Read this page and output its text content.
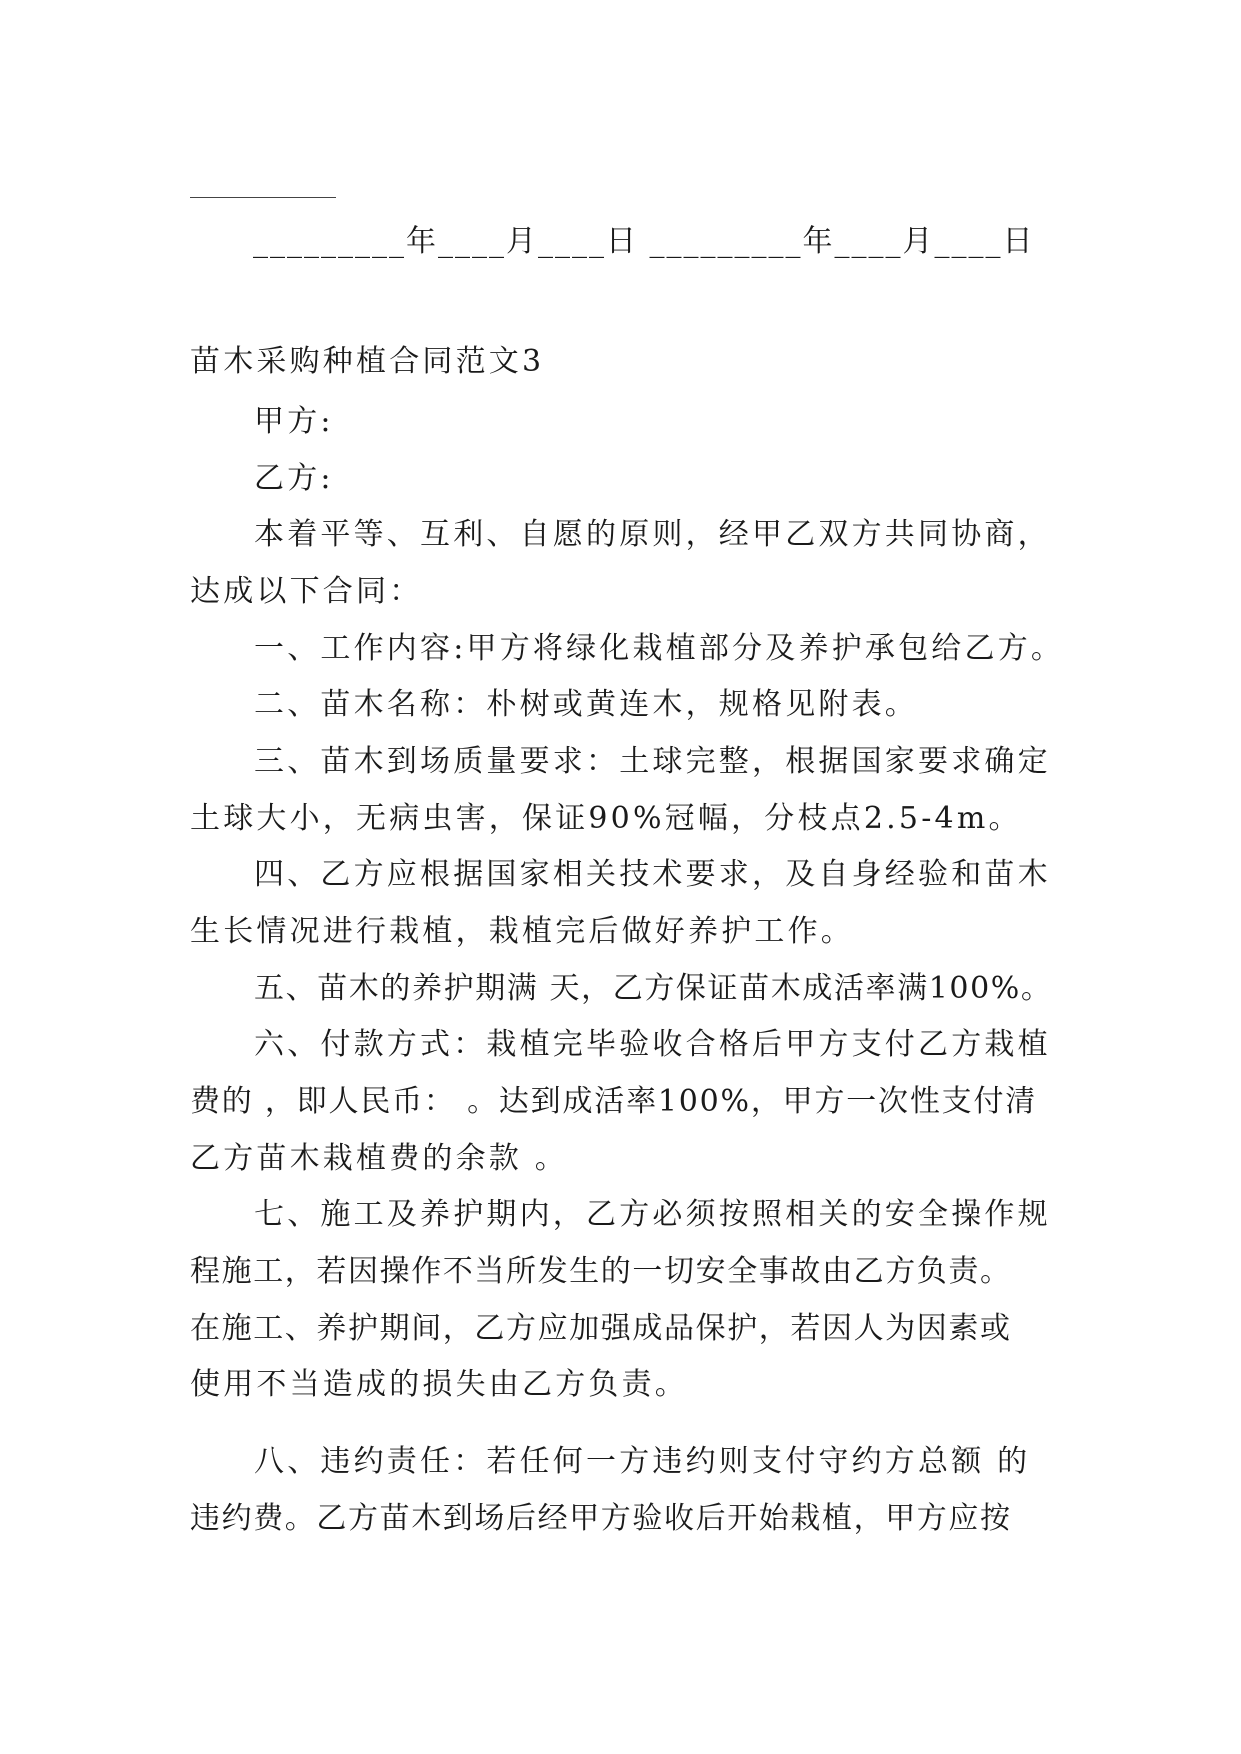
_________年____月____日 _________年____月____日
苗木采购种植合同范文3
甲方:
乙方:
本着平等、互利、自愿的原则，经甲乙双方共同协商，
达成以下合同：
一、工作内容:甲方将绿化栽植部分及养护承包给乙方。
二、苗木名称：朴树或黄连木，规格见附表。
三、苗木到场质量要求：土球完整，根据国家要求确定
土球大小，无病虫害，保证90%冠幅，分枝点2.5-4m。
四、乙方应根据国家相关技术要求，及自身经验和苗木
生长情况进行栽植，栽植完后做好养护工作。
五、苗木的养护期满 天，乙方保证苗木成活率满100%。
六、付款方式：栽植完毕验收合格后甲方支付乙方栽植
费的 ，即人民币： 。达到成活率100%，甲方一次性支付清
乙方苗木栽植费的余款 。
七、施工及养护期内，乙方必须按照相关的安全操作规
程施工，若因操作不当所发生的一切安全事故由乙方负责。
在施工、养护期间，乙方应加强成品保护，若因人为因素或
使用不当造成的损失由乙方负责。
八、违约责任：若任何一方违约则支付守约方总额 的
违约费。乙方苗木到场后经甲方验收后开始栽植，甲方应按
